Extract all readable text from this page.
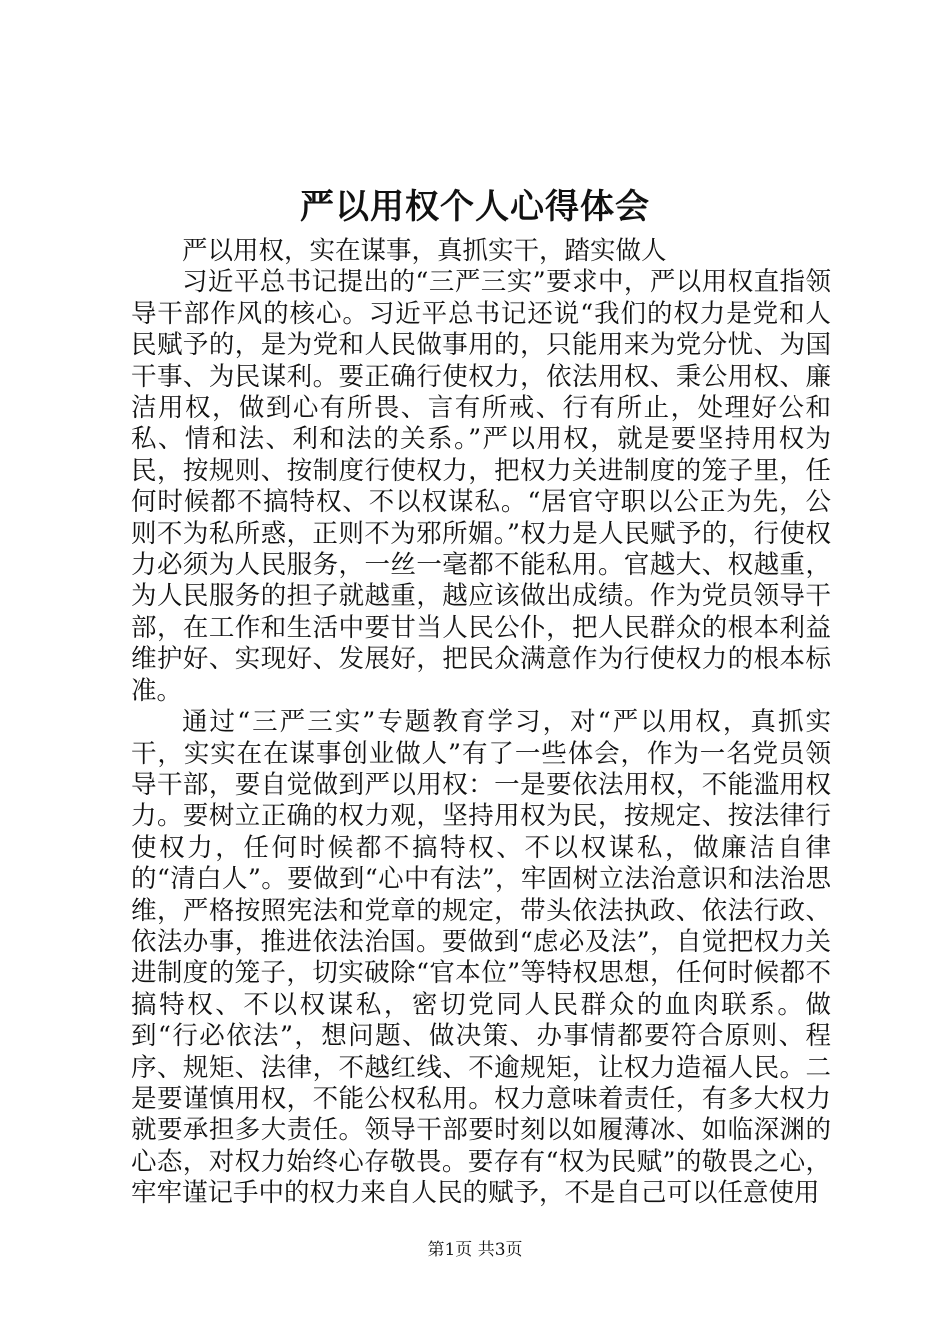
严以用权个人心得体会

严以用权，实在谋事，真抓实干，踏实做人

习近平总书记提出的“三严三实”要求中，严以用权直指领导干部作风的核心。习近平总书记还说“我们的权力是党和人民赋予的，是为党和人民做事用的，只能用来为党分忧、为国干事、为民谋利。要正确行使权力，依法用权、秉公用权、廉洁用权，做到心有所畏、言有所戒、行有所止，处理好公和私、情和法、利和法的关系。”严以用权，就是要坚持用权为民，按规则、按制度行使权力，把权力关进制度的笼子里，任何时候都不搞特权、不以权谋私。“居官守职以公正为先，公则不为私所惑，正则不为邪所媚。”权力是人民赋予的，行使权力必须为人民服务，一丝一毫都不能私用。官越大、权越重，为人民服务的担子就越重，越应该做出成绩。作为党员领导干部，在工作和生活中要甘当人民公仆，把人民群众的根本利益维护好、实现好、发展好，把民众满意作为行使权力的根本标准。

通过“三严三实”专题教育学习，对“严以用权，真抓实干，实实在在谋事创业做人”有了一些体会，作为一名党员领导干部，要自觉做到严以用权：一是要依法用权，不能滥用权力。要树立正确的权力观，坚持用权为民，按规定、按法律行使权力，任何时候都不搞特权、不以权谋私，做廉洁自律的“清白人”。要做到“心中有法”，牢固树立法治意识和法治思维，严格按照宪法和党章的规定，带头依法执政、依法行政、依法办事，推进依法治国。要做到“虑必及法”，自觉把权力关进制度的笼子，切实破除“官本位”等特权思想，任何时候都不搞特权、不以权谋私，密切党同人民群众的血肉联系。做到“行必依法”，想问题、做决策、办事情都要符合原则、程序、规矩、法律，不越红线、不逾规矩，让权力造福人民。二是要谨慎用权，不能公权私用。权力意味着责任，有多大权力就要承担多大责任。领导干部要时刻以如履薄冰、如临深渊的心态，对权力始终心存敬畏。要存有“权为民赋”的敬畏之心，牢牢谨记手中的权力来自人民的赋予，不是自己可以任意使用

第1页 共3页
